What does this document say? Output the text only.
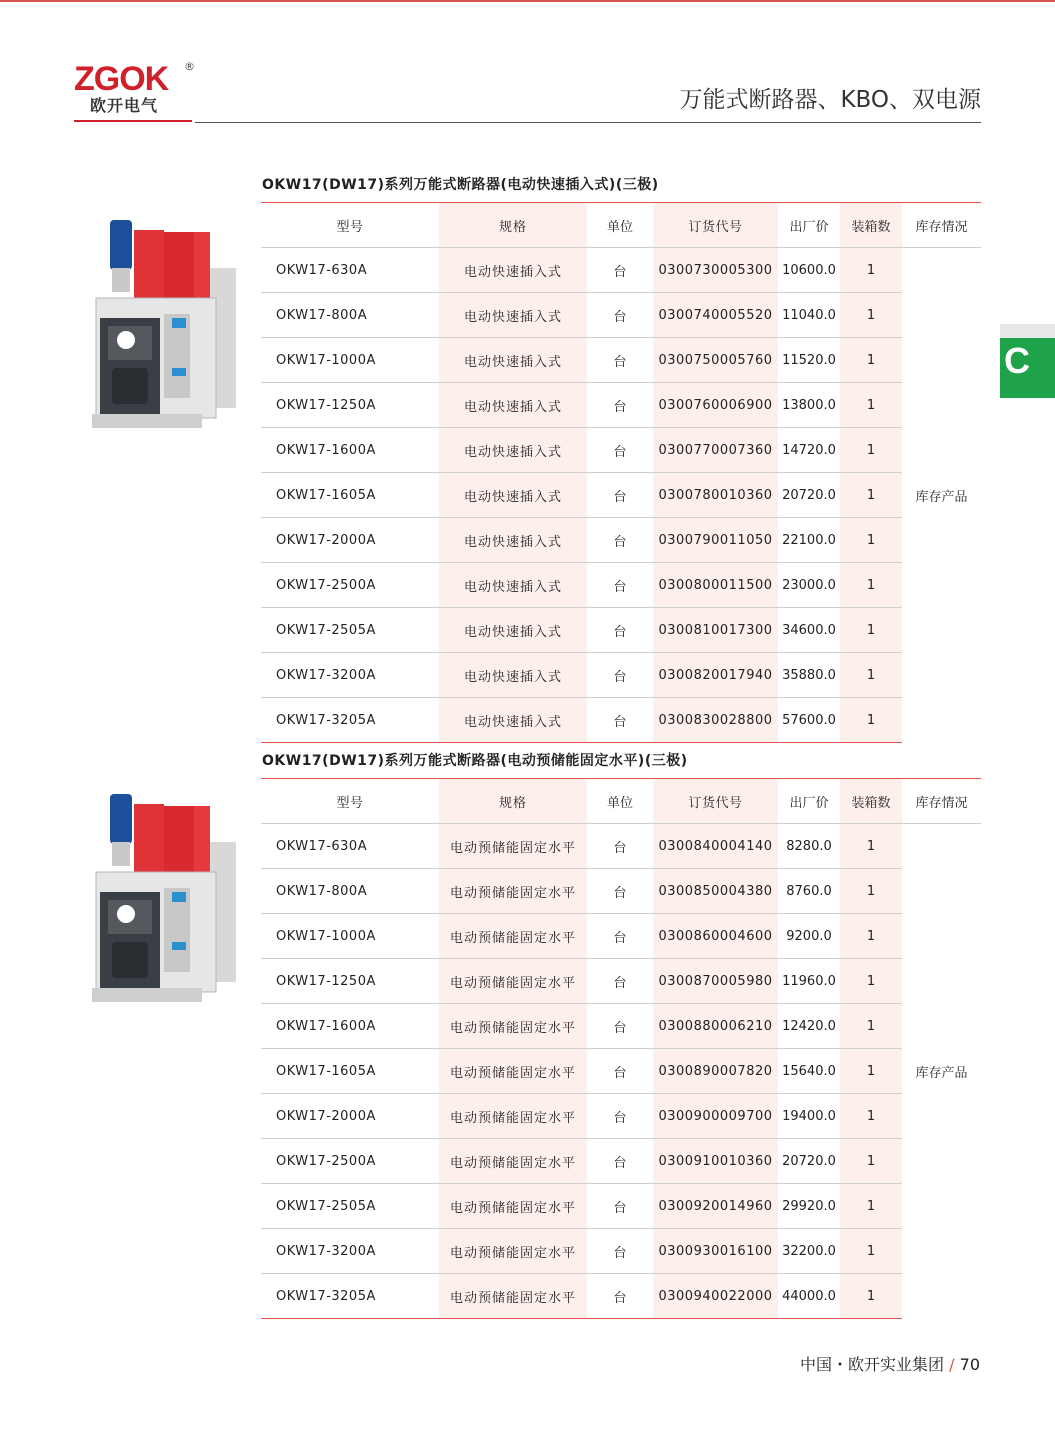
ZGOK ®
欧开电气	万能式断路器、KBO、双电源
C
OKW17(DW17)系列万能式断路器(电动快速插入式)(三极)
型号	规格	单位	订货代号	出厂价	装箱数	库存情况
OKW17-630A	电动快速插入式	台	0300730005300	10600.0	1	库存产品
OKW17-800A	电动快速插入式	台	0300740005520	11040.0	1	
OKW17-1000A	电动快速插入式	台	0300750005760	11520.0	1	
OKW17-1250A	电动快速插入式	台	0300760006900	13800.0	1	
OKW17-1600A	电动快速插入式	台	0300770007360	14720.0	1	
OKW17-1605A	电动快速插入式	台	0300780010360	20720.0	1	
OKW17-2000A	电动快速插入式	台	0300790011050	22100.0	1	
OKW17-2500A	电动快速插入式	台	0300800011500	23000.0	1	
OKW17-2505A	电动快速插入式	台	0300810017300	34600.0	1	
OKW17-3200A	电动快速插入式	台	0300820017940	35880.0	1	
OKW17-3205A	电动快速插入式	台	0300830028800	57600.0	1	
OKW17(DW17)系列万能式断路器(电动预储能固定水平)(三极)
型号	规格	单位	订货代号	出厂价	装箱数	库存情况
OKW17-630A	电动预储能固定水平	台	0300840004140	8280.0	1	库存产品
OKW17-800A	电动预储能固定水平	台	0300850004380	8760.0	1	
OKW17-1000A	电动预储能固定水平	台	0300860004600	9200.0	1	
OKW17-1250A	电动预储能固定水平	台	0300870005980	11960.0	1	
OKW17-1600A	电动预储能固定水平	台	0300880006210	12420.0	1	
OKW17-1605A	电动预储能固定水平	台	0300890007820	15640.0	1	
OKW17-2000A	电动预储能固定水平	台	0300900009700	19400.0	1	
OKW17-2500A	电动预储能固定水平	台	0300910010360	20720.0	1	
OKW17-2505A	电动预储能固定水平	台	0300920014960	29920.0	1	
OKW17-3200A	电动预储能固定水平	台	0300930016100	32200.0	1	
OKW17-3205A	电动预储能固定水平	台	0300940022000	44000.0	1	
中国・欧开实业集团 / 70
